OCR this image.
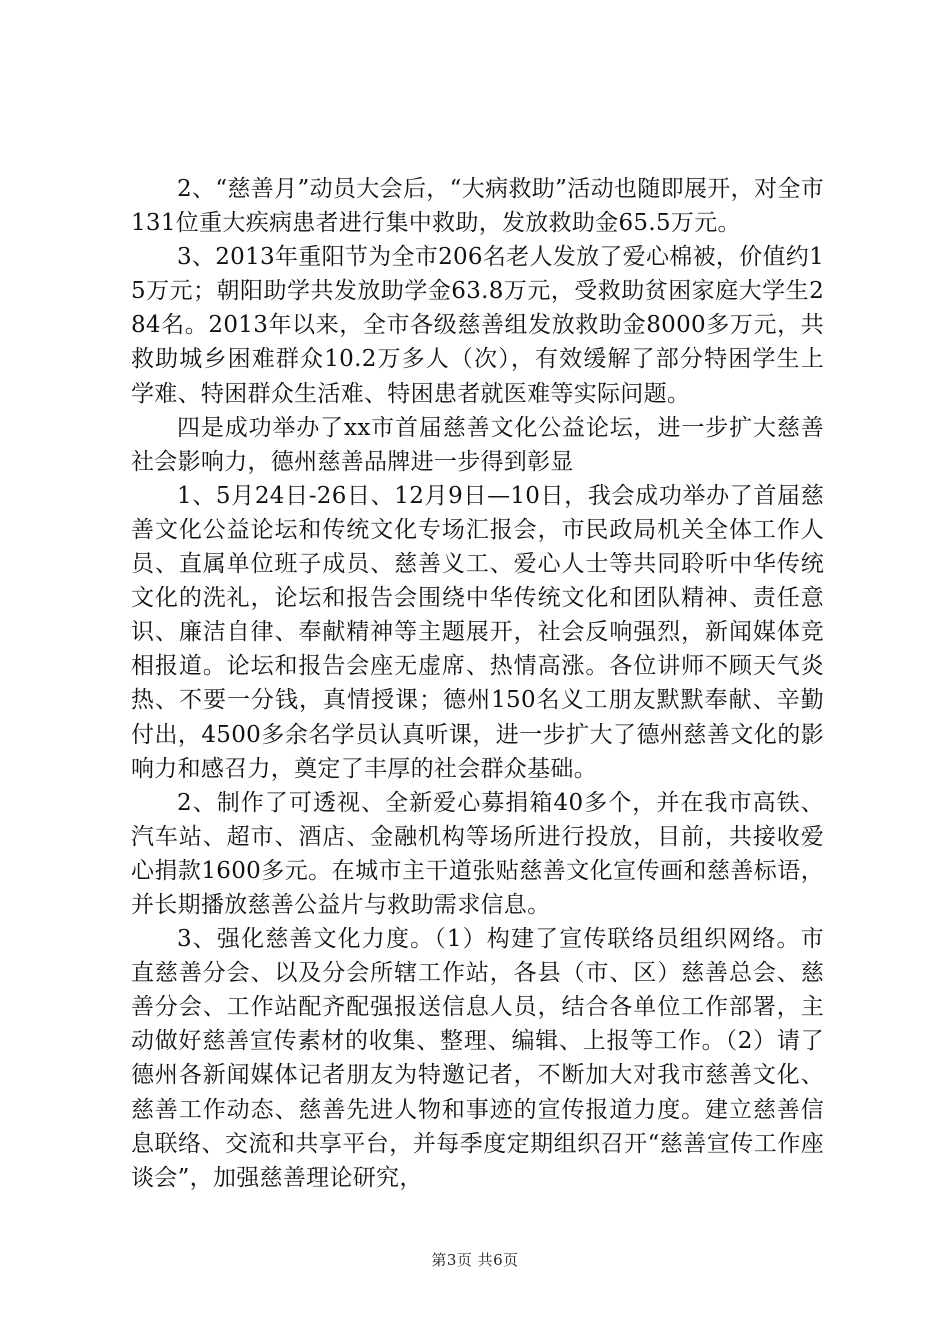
2、“慈善月”动员大会后，“大病救助”活动也随即展开，对全市131位重大疾病患者进行集中救助，发放救助金65.5万元。

3、2013年重阳节为全市206名老人发放了爱心棉被，价值约15万元；朝阳助学共发放助学金63.8万元，受救助贫困家庭大学生284名。2013年以来，全市各级慈善组发放救助金8000多万元，共救助城乡困难群众10.2万多人（次），有效缓解了部分特困学生上学难、特困群众生活难、特困患者就医难等实际问题。

四是成功举办了xx市首届慈善文化公益论坛，进一步扩大慈善社会影响力，德州慈善品牌进一步得到彰显

1、5月24日-26日、12月9日—10日，我会成功举办了首届慈善文化公益论坛和传统文化专场汇报会，市民政局机关全体工作人员、直属单位班子成员、慈善义工、爱心人士等共同聆听中华传统文化的洗礼，论坛和报告会围绕中华传统文化和团队精神、责任意识、廉洁自律、奉献精神等主题展开，社会反响强烈，新闻媒体竞相报道。论坛和报告会座无虚席、热情高涨。各位讲师不顾天气炎热、不要一分钱，真情授课；德州150名义工朋友默默奉献、辛勤付出，4500多余名学员认真听课，进一步扩大了德州慈善文化的影响力和感召力，奠定了丰厚的社会群众基础。

2、制作了可透视、全新爱心募捐箱40多个，并在我市高铁、汽车站、超市、酒店、金融机构等场所进行投放，目前，共接收爱心捐款1600多元。在城市主干道张贴慈善文化宣传画和慈善标语，并长期播放慈善公益片与救助需求信息。

3、强化慈善文化力度。（1）构建了宣传联络员组织网络。市直慈善分会、以及分会所辖工作站，各县（市、区）慈善总会、慈善分会、工作站配齐配强报送信息人员，结合各单位工作部署，主动做好慈善宣传素材的收集、整理、编辑、上报等工作。（2）请了德州各新闻媒体记者朋友为特邀记者，不断加大对我市慈善文化、慈善工作动态、慈善先进人物和事迹的宣传报道力度。建立慈善信息联络、交流和共享平台，并每季度定期组织召开“慈善宣传工作座谈会”，加强慈善理论研究，

第3页 共6页
